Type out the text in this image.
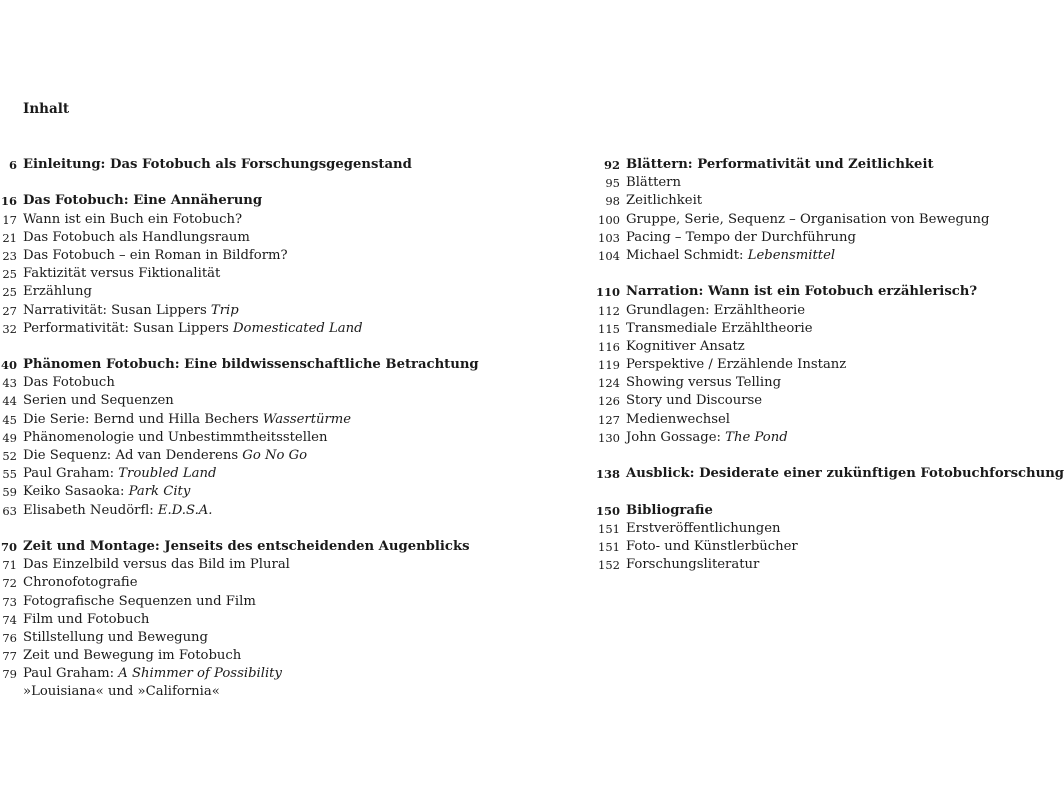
Inhalt
6 Einleitung: Das Fotobuch als Forschungsgegenstand
16 Das Fotobuch: Eine Annäherung
17 Wann ist ein Buch ein Fotobuch?
21 Das Fotobuch als Handlungsraum
23 Das Fotobuch – ein Roman in Bildform?
25 Faktizität versus Fiktionalität
25 Erzählung
27 Narrativität: Susan Lippers Trip
32 Performativität: Susan Lippers Domesticated Land
40 Phänomen Fotobuch: Eine bildwissenschaftliche Betrachtung
43 Das Fotobuch
44 Serien und Sequenzen
45 Die Serie: Bernd und Hilla Bechers Wassertürme
49 Phänomenologie und Unbestimmtheitsstellen
52 Die Sequenz: Ad van Denderens Go No Go
55 Paul Graham: Troubled Land
59 Keiko Sasaoka: Park City
63 Elisabeth Neudörfl: E.D.S.A.
70 Zeit und Montage: Jenseits des entscheidenden Augenblicks
71 Das Einzelbild versus das Bild im Plural
72 Chronofotografie
73 Fotografische Sequenzen und Film
74 Film und Fotobuch
76 Stillstellung und Bewegung
77 Zeit und Bewegung im Fotobuch
79 Paul Graham: A Shimmer of Possibility
»Louisiana« und »California«
92 Blättern: Performativität und Zeitlichkeit
95 Blättern
98 Zeitlichkeit
100 Gruppe, Serie, Sequenz – Organisation von Bewegung
103 Pacing – Tempo der Durchführung
104 Michael Schmidt: Lebensmittel
110 Narration: Wann ist ein Fotobuch erzählerisch?
112 Grundlagen: Erzähltheorie
115 Transmediale Erzähltheorie
116 Kognitiver Ansatz
119 Perspektive / Erzählende Instanz
124 Showing versus Telling
126 Story und Discourse
127 Medienwechsel
130 John Gossage: The Pond
138 Ausblick: Desiderate einer zukünftigen Fotobuchforschung
150 Bibliografie
151 Erstveröffentlichungen
151 Foto- und Künstlerbücher
152 Forschungsliteratur
